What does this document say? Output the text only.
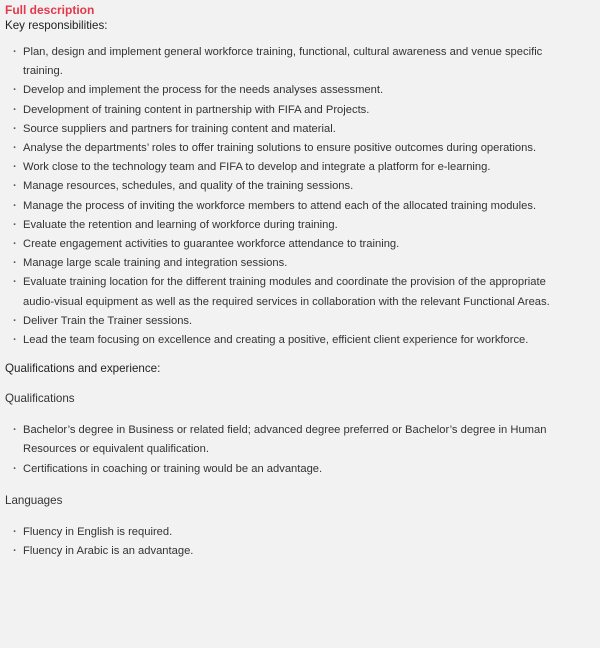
Full description
Key responsibilities:
· Plan, design and implement general workforce training, functional, cultural awareness and venue specific training.
· Develop and implement the process for the needs analyses assessment.
· Development of training content in partnership with FIFA and Projects.
· Source suppliers and partners for training content and material.
· Analyse the departments’ roles to offer training solutions to ensure positive outcomes during operations.
· Work close to the technology team and FIFA to develop and integrate a platform for e-learning.
· Manage resources, schedules, and quality of the training sessions.
· Manage the process of inviting the workforce members to attend each of the allocated training modules.
· Evaluate the retention and learning of workforce during training.
· Create engagement activities to guarantee workforce attendance to training.
· Manage large scale training and integration sessions.
· Evaluate training location for the different training modules and coordinate the provision of the appropriate audio-visual equipment as well as the required services in collaboration with the relevant Functional Areas.
· Deliver Train the Trainer sessions.
· Lead the team focusing on excellence and creating a positive, efficient client experience for workforce.
Qualifications and experience:
Qualifications
· Bachelor’s degree in Business or related field; advanced degree preferred or Bachelor’s degree in Human Resources or equivalent qualification.
· Certifications in coaching or training would be an advantage.
Languages
· Fluency in English is required.
· Fluency in Arabic is an advantage.
